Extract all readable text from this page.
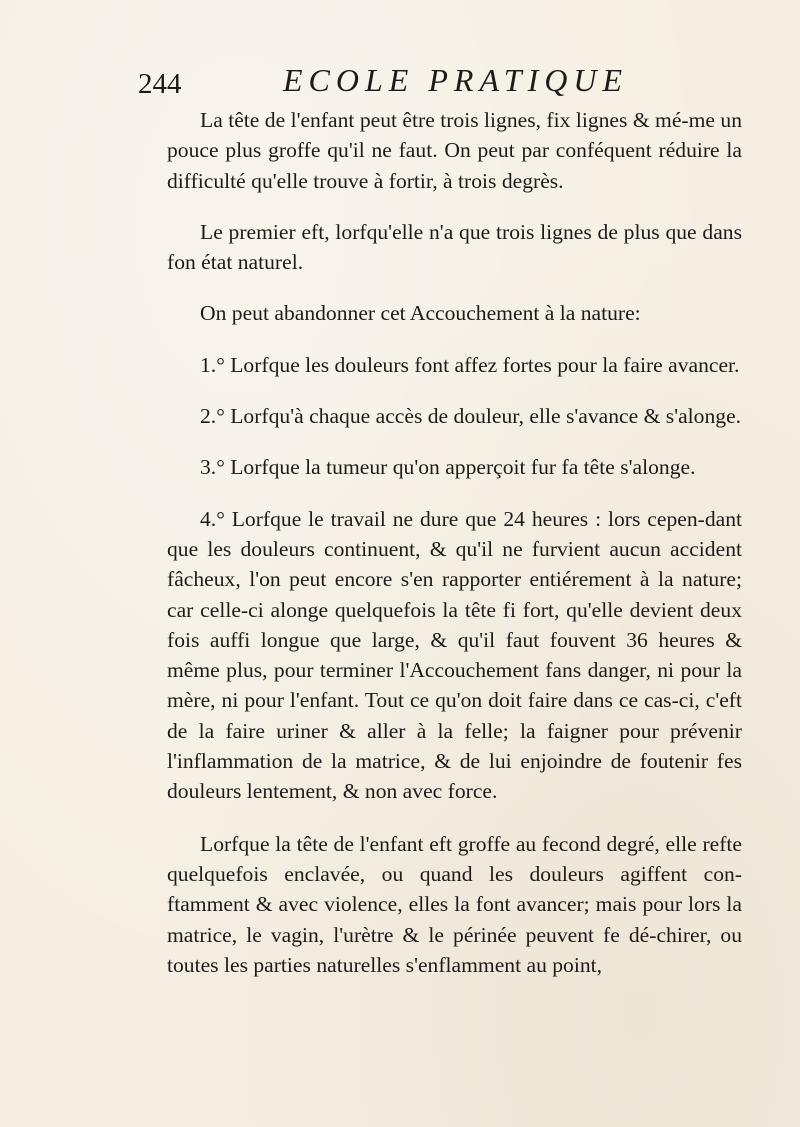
244	ECOLE PRATIQUE

La tête de l'enfant peut être trois lignes, fix lignes & mé-me un pouce plus groffe qu'il ne faut. On peut par conféquent réduire la difficulté qu'elle trouve à fortir, à trois degrès.

Le premier eft, lorfqu'elle n'a que trois lignes de plus que dans fon état naturel.

On peut abandonner cet Accouchement à la nature:

1.° Lorfque les douleurs font affez fortes pour la faire avancer.

2.° Lorfqu'à chaque accès de douleur, elle s'avance & s'alonge.

3.° Lorfque la tumeur qu'on apperçoit fur fa tête s'alonge.

4.° Lorfque le travail ne dure que 24 heures : lors cepen-dant que les douleurs continuent, & qu'il ne furvient aucun accident fâcheux, l'on peut encore s'en rapporter entiérement à la nature; car celle-ci alonge quelquefois la tête fi fort, qu'elle devient deux fois auffi longue que large, & qu'il faut fouvent 36 heures & même plus, pour terminer l'Accouchement fans danger, ni pour la mère, ni pour l'enfant. Tout ce qu'on doit faire dans ce cas-ci, c'eft de la faire uriner & aller à la felle; la faigner pour prévenir l'inflammation de la matrice, & de lui enjoindre de foutenir fes douleurs lentement, & non avec force.

Lorfque la tête de l'enfant eft groffe au fecond degré, elle refte quelquefois enclavée, ou quand les douleurs agiffent con-ftamment & avec violence, elles la font avancer; mais pour lors la matrice, le vagin, l'urètre & le périnée peuvent fe dé-chirer, ou toutes les parties naturelles s'enflamment au point,
